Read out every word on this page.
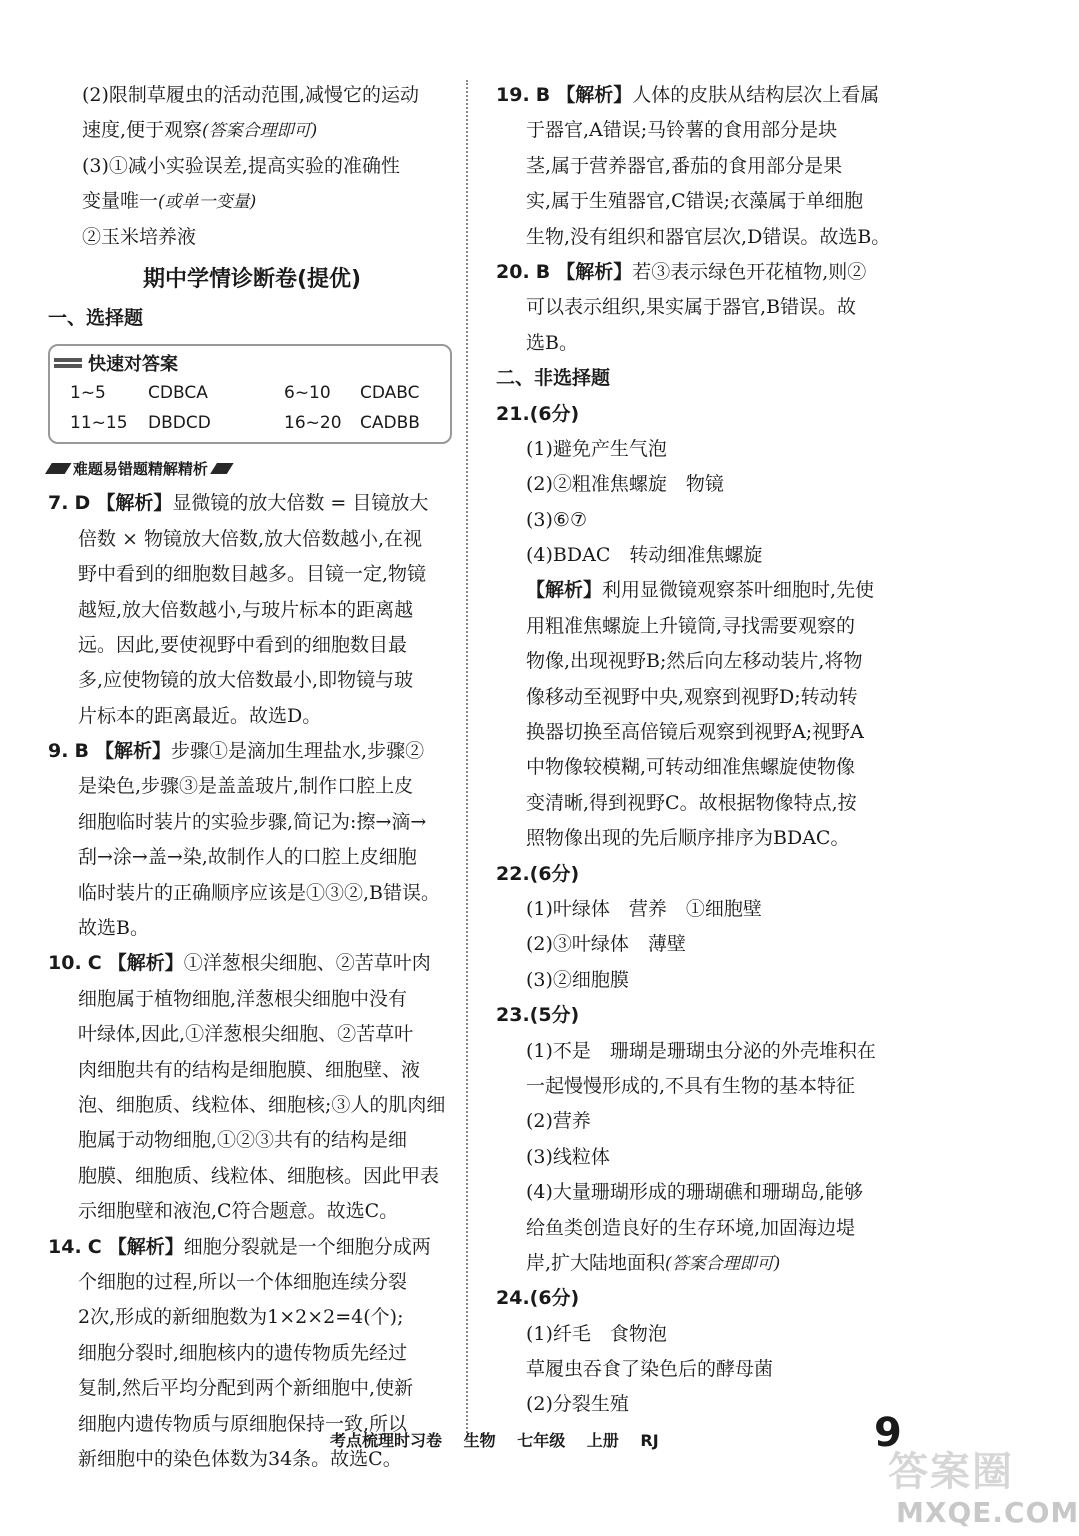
(2)限制草履虫的活动范围,减慢它的运动
速度,便于观察(答案合理即可)
(3)①减小实验误差,提高实验的准确性
变量唯一(或单一变量)
②玉米培养液
期中学情诊断卷(提优)
一、选择题
快速对答案
1~5	CDBCA	6~10	CDABC
11~15	DBDCD	16~20	CADBB
⁄⁄⁄⁄⁄⁄⁄⁄⁄⁄⁄⁄⁄ 难题易错题精解精析 ⁄⁄⁄⁄⁄⁄⁄⁄⁄⁄⁄
7. D 【解析】显微镜的放大倍数 = 目镜放大
倍数 × 物镜放大倍数,放大倍数越小,在视
野中看到的细胞数目越多。目镜一定,物镜
越短,放大倍数越小,与玻片标本的距离越
远。因此,要使视野中看到的细胞数目最
多,应使物镜的放大倍数最小,即物镜与玻
片标本的距离最近。故选D。
9. B 【解析】步骤①是滴加生理盐水,步骤②
是染色,步骤③是盖盖玻片,制作口腔上皮
细胞临时装片的实验步骤,简记为:擦→滴→
刮→涂→盖→染,故制作人的口腔上皮细胞
临时装片的正确顺序应该是①③②,B错误。
故选B。
10. C 【解析】①洋葱根尖细胞、②苦草叶肉
细胞属于植物细胞,洋葱根尖细胞中没有
叶绿体,因此,①洋葱根尖细胞、②苦草叶
肉细胞共有的结构是细胞膜、细胞壁、液
泡、细胞质、线粒体、细胞核;③人的肌肉细
胞属于动物细胞,①②③共有的结构是细
胞膜、细胞质、线粒体、细胞核。因此甲表
示细胞壁和液泡,C符合题意。故选C。
14. C 【解析】细胞分裂就是一个细胞分成两
个细胞的过程,所以一个体细胞连续分裂
2次,形成的新细胞数为1×2×2=4(个);
细胞分裂时,细胞核内的遗传物质先经过
复制,然后平均分配到两个新细胞中,使新
细胞内遗传物质与原细胞保持一致,所以
新细胞中的染色体数为34条。故选C。
19. B 【解析】人体的皮肤从结构层次上看属
于器官,A错误;马铃薯的食用部分是块
茎,属于营养器官,番茄的食用部分是果
实,属于生殖器官,C错误;衣藻属于单细胞
生物,没有组织和器官层次,D错误。故选B。
20. B 【解析】若③表示绿色开花植物,则②
可以表示组织,果实属于器官,B错误。故
选B。
二、非选择题
21.(6分)
(1)避免产生气泡
(2)②粗准焦螺旋　物镜
(3)⑥⑦
(4)BDAC　转动细准焦螺旋
【解析】利用显微镜观察茶叶细胞时,先使
用粗准焦螺旋上升镜筒,寻找需要观察的
物像,出现视野B;然后向左移动装片,将物
像移动至视野中央,观察到视野D;转动转
换器切换至高倍镜后观察到视野A;视野A
中物像较模糊,可转动细准焦螺旋使物像
变清晰,得到视野C。故根据物像特点,按
照物像出现的先后顺序排序为BDAC。
22.(6分)
(1)叶绿体　营养　①细胞壁
(2)③叶绿体　薄壁
(3)②细胞膜
23.(5分)
(1)不是　珊瑚是珊瑚虫分泌的外壳堆积在
一起慢慢形成的,不具有生物的基本特征
(2)营养
(3)线粒体
(4)大量珊瑚形成的珊瑚礁和珊瑚岛,能够
给鱼类创造良好的生存环境,加固海边堤
岸,扩大陆地面积(答案合理即可)
24.(6分)
(1)纤毛　食物泡
草履虫吞食了染色后的酵母菌
(2)分裂生殖
考点梳理时习卷 生物 七年级 上册 RJ	9
答案圈
MXQE.COM
